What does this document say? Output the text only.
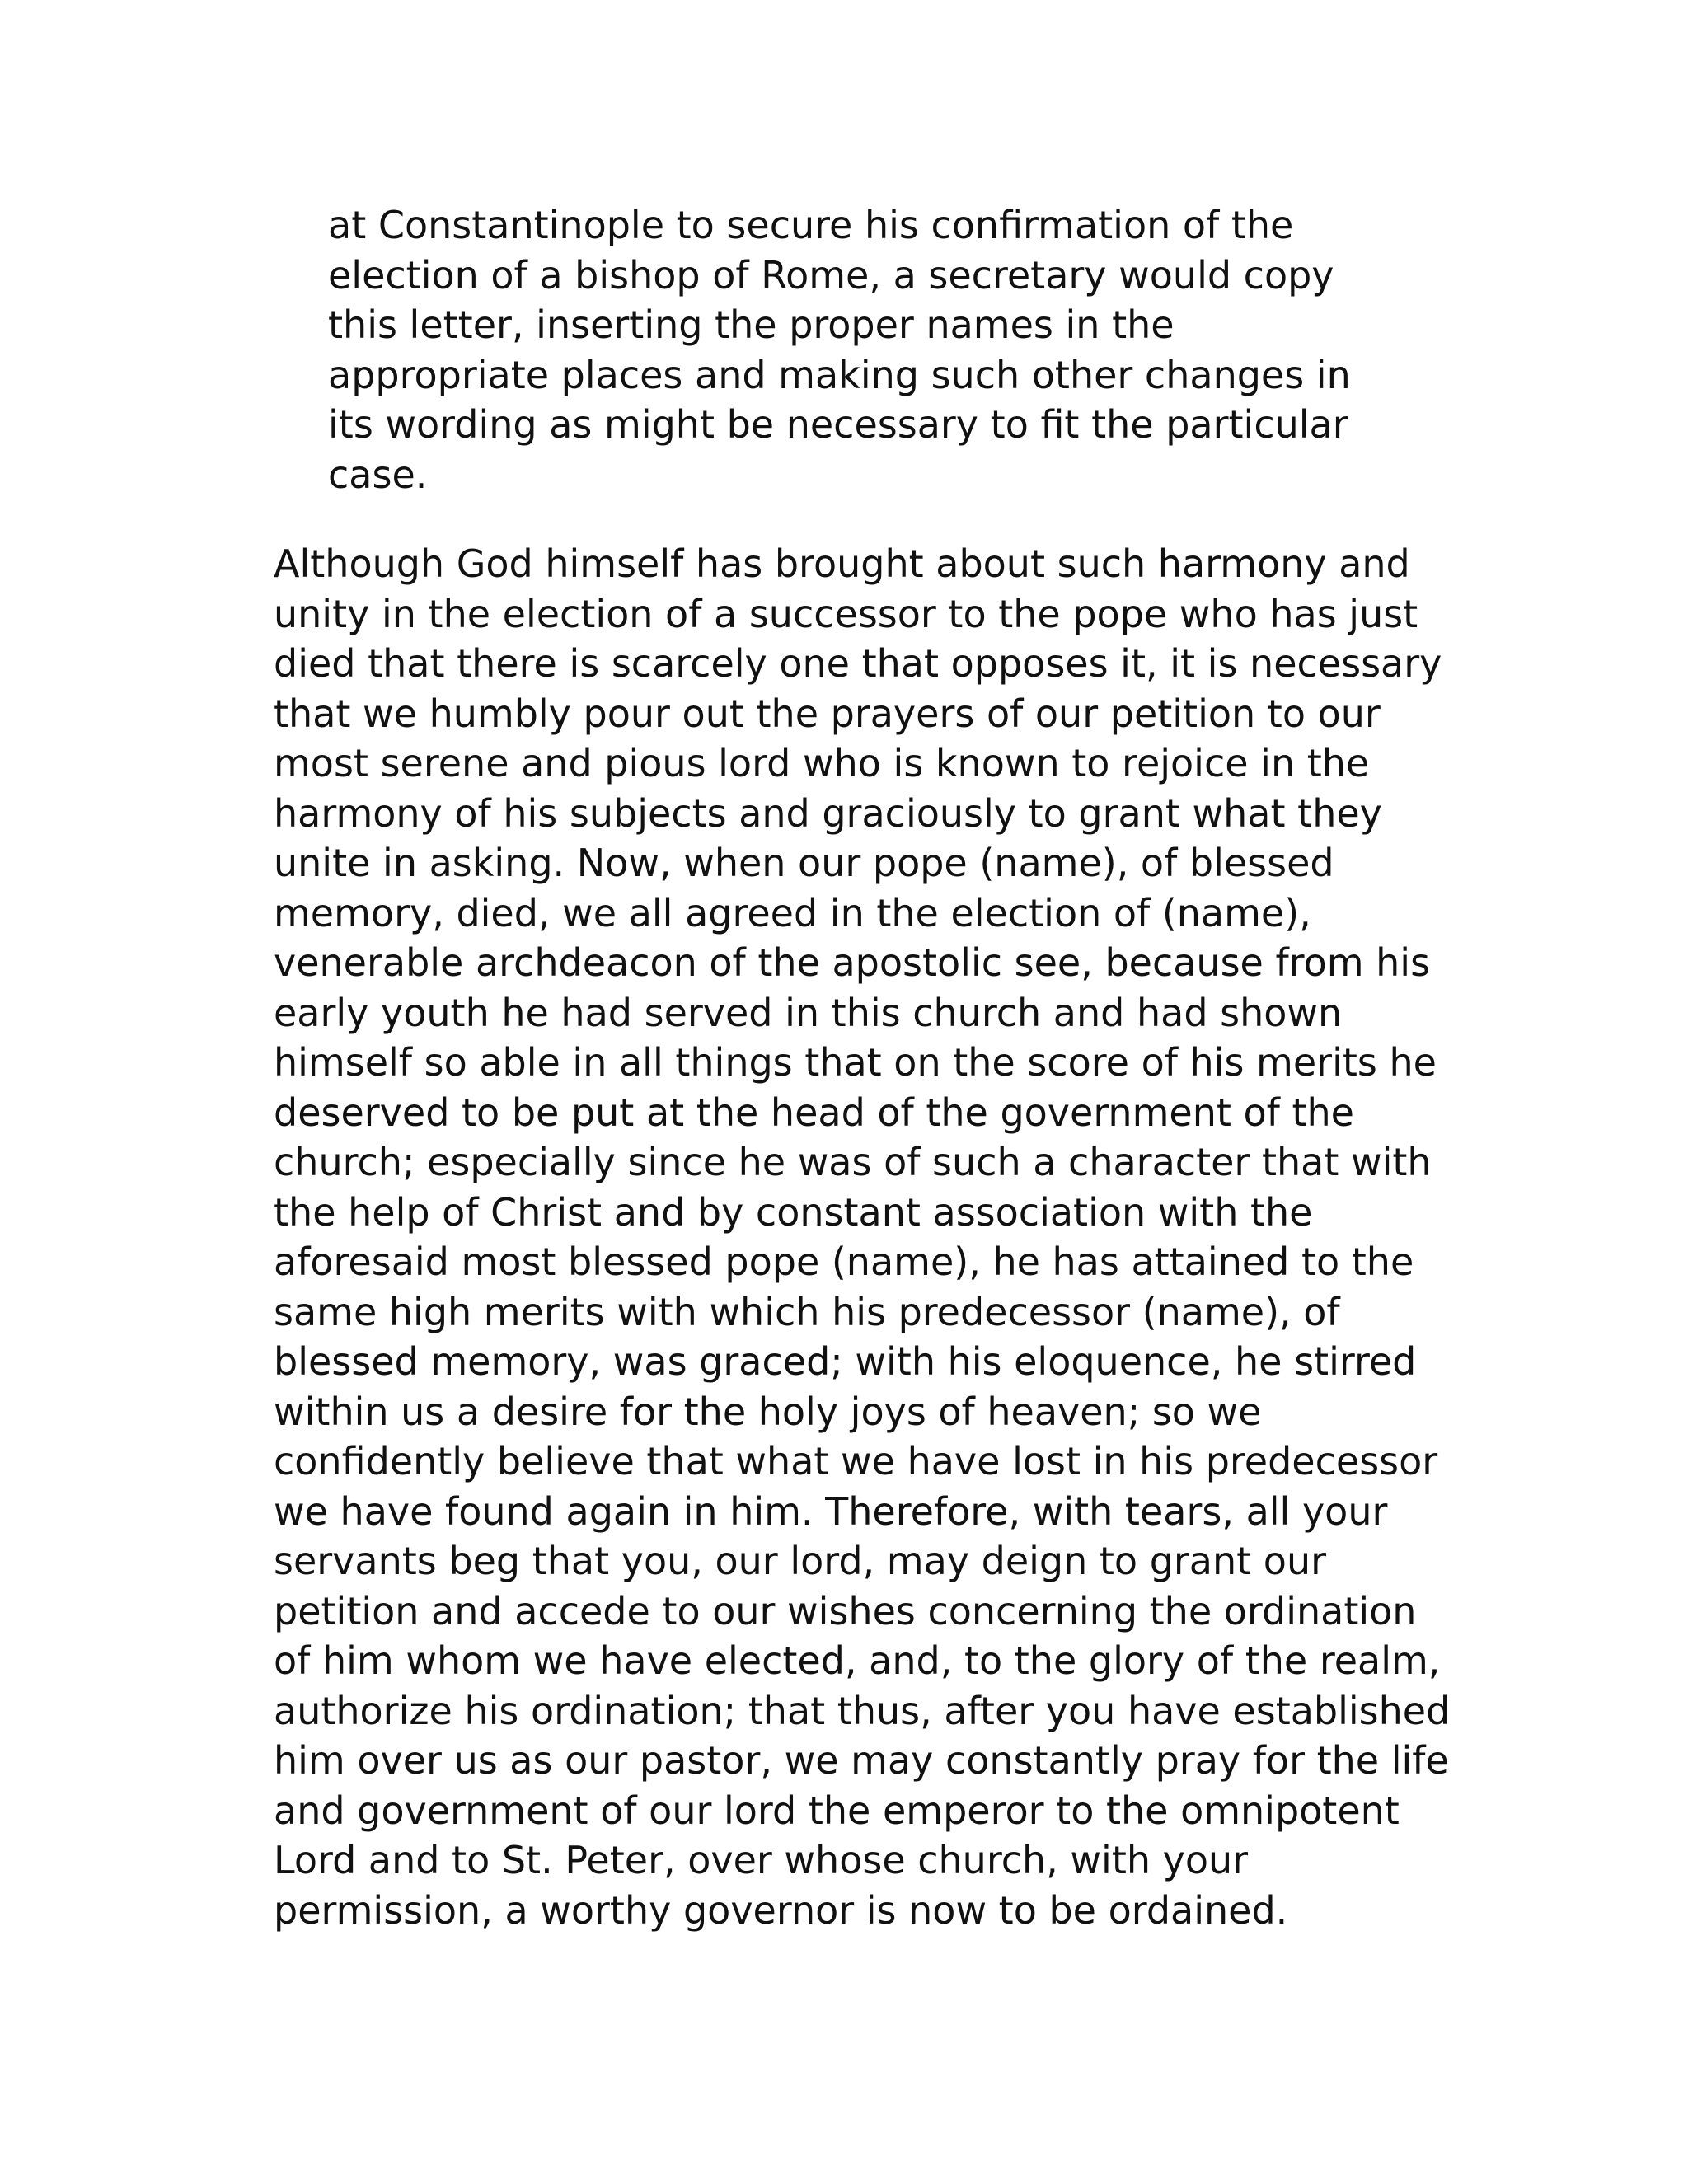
at Constantinople to secure his confirmation of the
election of a bishop of Rome, a secretary would copy
this letter, inserting the proper names in the
appropriate places and making such other changes in
its wording as might be necessary to fit the particular
case.

Although God himself has brought about such harmony and
unity in the election of a successor to the pope who has just
died that there is scarcely one that opposes it, it is necessary
that we humbly pour out the prayers of our petition to our
most serene and pious lord who is known to rejoice in the
harmony of his subjects and graciously to grant what they
unite in asking. Now, when our pope (name), of blessed
memory, died, we all agreed in the election of (name),
venerable archdeacon of the apostolic see, because from his
early youth he had served in this church and had shown
himself so able in all things that on the score of his merits he
deserved to be put at the head of the government of the
church; especially since he was of such a character that with
the help of Christ and by constant association with the
aforesaid most blessed pope (name), he has attained to the
same high merits with which his predecessor (name), of
blessed memory, was graced; with his eloquence, he stirred
within us a desire for the holy joys of heaven; so we
confidently believe that what we have lost in his predecessor
we have found again in him. Therefore, with tears, all your
servants beg that you, our lord, may deign to grant our
petition and accede to our wishes concerning the ordination
of him whom we have elected, and, to the glory of the realm,
authorize his ordination; that thus, after you have established
him over us as our pastor, we may constantly pray for the life
and government of our lord the emperor to the omnipotent
Lord and to St. Peter, over whose church, with your
permission, a worthy governor is now to be ordained.
